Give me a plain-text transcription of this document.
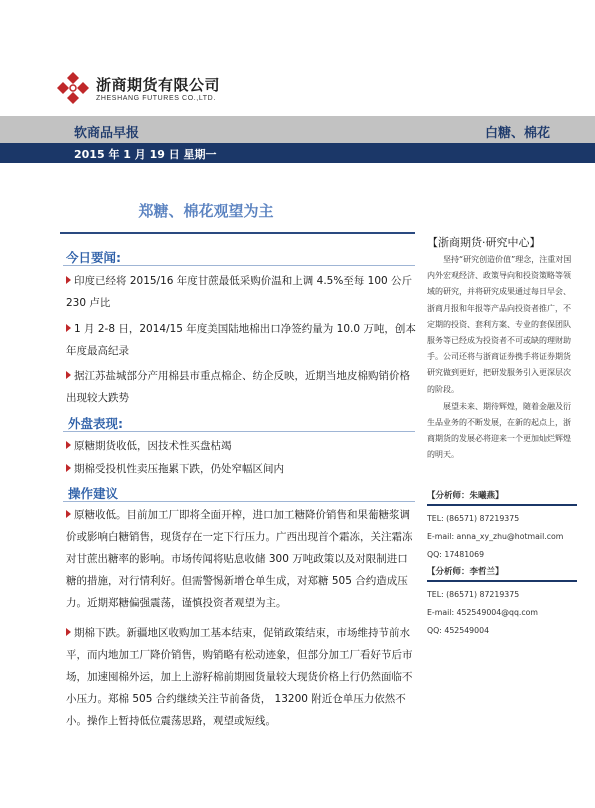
浙商期货有限公司
ZHESHANG FUTURES CO.,LTD.
软商品早报	白糖、棉花
2015 年 1 月 19 日 星期一
郑糖、棉花观望为主
今日要闻:
印度已经将 2015/16 年度甘蔗最低采购价温和上调 4.5%至每 100 公斤230 卢比
1 月 2-8 日，2014/15 年度美国陆地棉出口净签约量为 10.0 万吨，创本年度最高纪录
据江苏盐城部分产用棉县市重点棉企、纺企反映，近期当地皮棉购销价格出现较大跌势
外盘表现:
原糖期货收低，因技术性买盘枯竭
期棉受投机性卖压拖累下跌，仍处窄幅区间内
操作建议
原糖收低。目前加工厂即将全面开榨，进口加工糖降价销售和果葡糖浆调价或影响白糖销售，现货存在一定下行压力。广西出现首个霜冻，关注霜冻对甘蔗出糖率的影响。市场传闻将贴息收储 300 万吨政策以及对限制进口糖的措施，对行情利好。但需警惕新增仓单生成，对郑糖 505 合约造成压力。近期郑糖偏强震荡，谨慎投资者观望为主。
期棉下跌。新疆地区收购加工基本结束，促销政策结束，市场维持节前水平，而内地加工厂降价销售，购销略有松动迹象，但部分加工厂看好节后市场，加速囤棉外运，加上上游籽棉前期囤货量较大现货价格上行仍然面临不小压力。郑棉 505 合约继续关注节前备货， 13200 附近仓单压力依然不小。操作上暂持低位震荡思路，观望或短线。
【浙商期货·研究中心】

坚持“研究创造价值”理念，注重对国内外宏观经济、政策导向和投资策略等领域的研究，并将研究成果通过每日早会、浙商月报和年报等产品向投资者推广，不定期的投资、套利方案、专业的套保团队服务等已经成为投资者不可或缺的理财助手。公司还将与浙商证券携手将证券期货研究做到更好，把研发服务引入更深层次的阶段。

展望未来、期待辉煌，随着金融及衍生品业务的不断发展，在新的起点上，浙商期货的发展必将迎来一个更加灿烂辉煌的明天。

【分析师：朱曦燕】
TEL: (86571) 87219375
E-mail: anna_xy_zhu@hotmail.com
QQ: 17481069
【分析师：李哲兰】
TEL: (86571) 87219375
E-mail: 452549004@qq.com
QQ: 452549004
